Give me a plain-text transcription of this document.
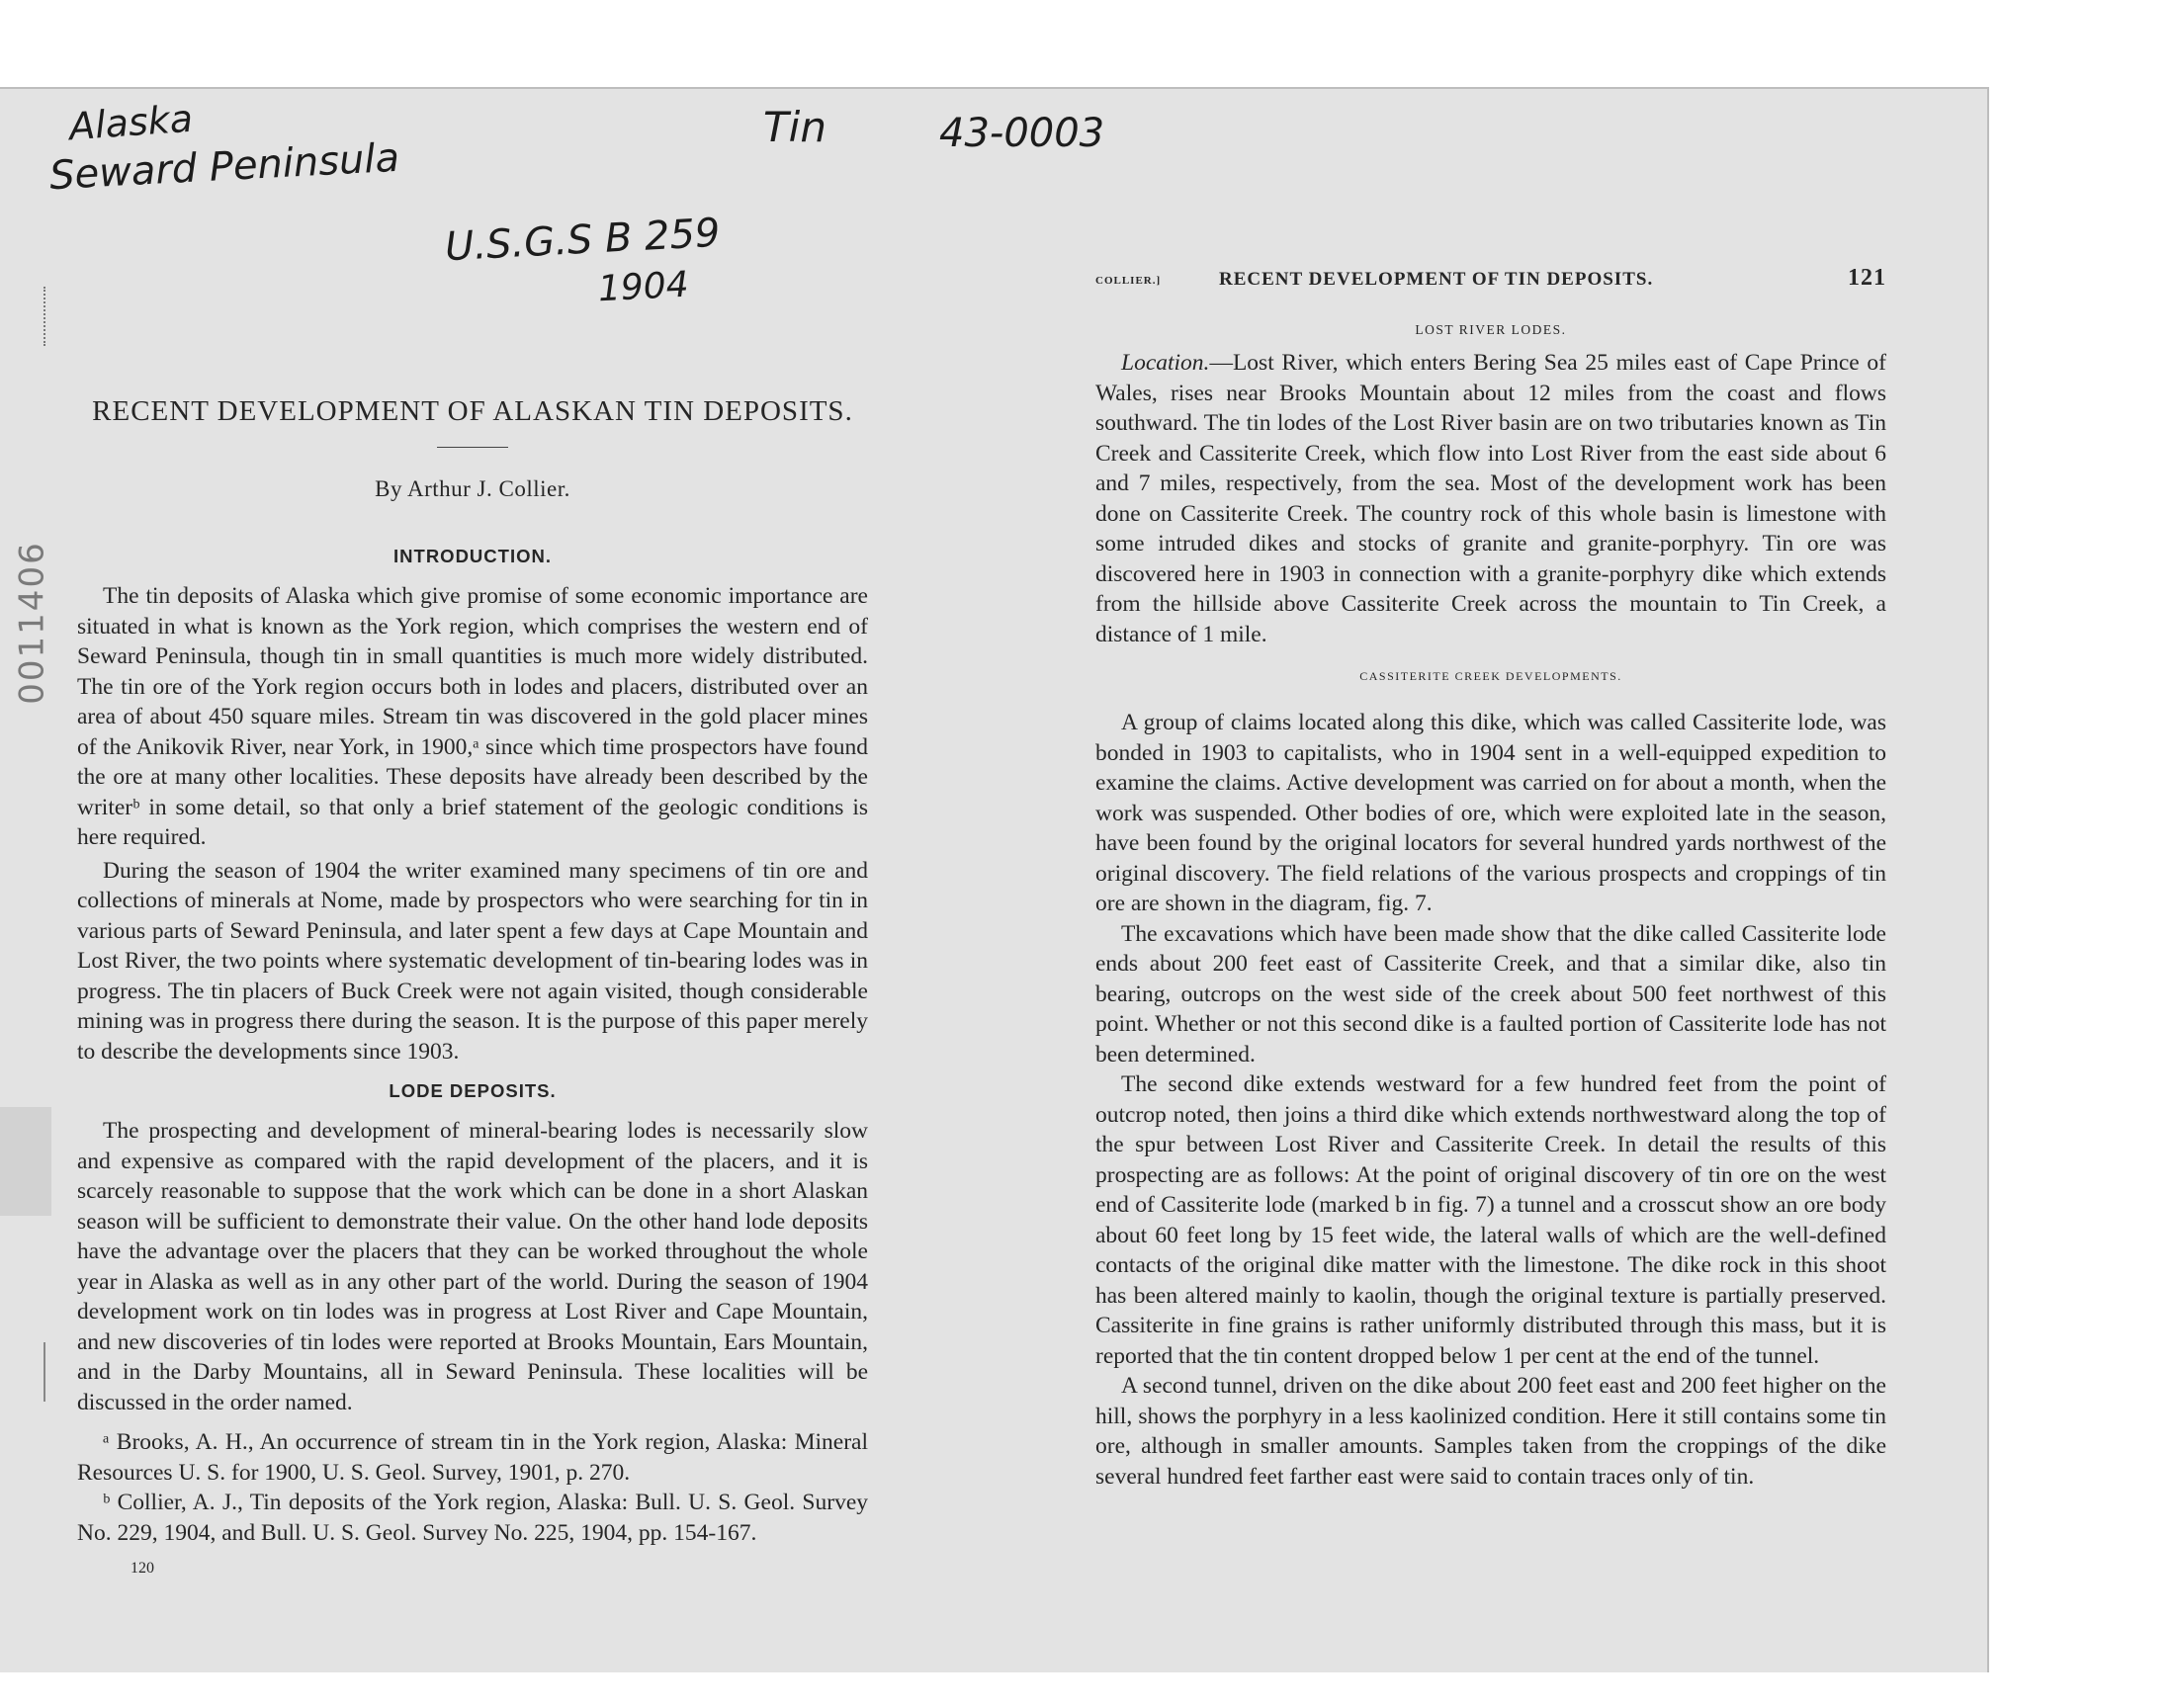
Alaska
Seward Peninsula
Tin	43-0003
U.S.G.S B 259
1904
0011406
RECENT DEVELOPMENT OF ALASKAN TIN DEPOSITS.
By Arthur J. Collier.
INTRODUCTION.

The tin deposits of Alaska which give promise of some economic importance are situated in what is known as the York region, which comprises the western end of Seward Peninsula, though tin in small quantities is much more widely distributed. The tin ore of the York region occurs both in lodes and placers, distributed over an area of about 450 square miles. Stream tin was discovered in the gold placer mines of the Anikovik River, near York, in 1900,ᵃ since which time prospectors have found the ore at many other localities. These deposits have already been described by the writerᵇ in some detail, so that only a brief statement of the geologic conditions is here required.

During the season of 1904 the writer examined many specimens of tin ore and collections of minerals at Nome, made by prospectors who were searching for tin in various parts of Seward Peninsula, and later spent a few days at Cape Mountain and Lost River, the two points where systematic development of tin-bearing lodes was in progress. The tin placers of Buck Creek were not again visited, though considerable mining was in progress there during the season. It is the purpose of this paper merely to describe the developments since 1903.

LODE DEPOSITS.

The prospecting and development of mineral-bearing lodes is necessarily slow and expensive as compared with the rapid development of the placers, and it is scarcely reasonable to suppose that the work which can be done in a short Alaskan season will be sufficient to demonstrate their value. On the other hand lode deposits have the advantage over the placers that they can be worked throughout the whole year in Alaska as well as in any other part of the world. During the season of 1904 development work on tin lodes was in progress at Lost River and Cape Mountain, and new discoveries of tin lodes were reported at Brooks Mountain, Ears Mountain, and in the Darby Mountains, all in Seward Peninsula. These localities will be discussed in the order named.

ᵃ Brooks, A. H., An occurrence of stream tin in the York region, Alaska: Mineral Resources U. S. for 1900, U. S. Geol. Survey, 1901, p. 270.

ᵇ Collier, A. J., Tin deposits of the York region, Alaska: Bull. U. S. Geol. Survey No. 229, 1904, and Bull. U. S. Geol. Survey No. 225, 1904, pp. 154-167.

120
COLLIER.]	RECENT DEVELOPMENT OF TIN DEPOSITS.	121
LOST RIVER LODES.

Location.—Lost River, which enters Bering Sea 25 miles east of Cape Prince of Wales, rises near Brooks Mountain about 12 miles from the coast and flows southward. The tin lodes of the Lost River basin are on two tributaries known as Tin Creek and Cassiterite Creek, which flow into Lost River from the east side about 6 and 7 miles, respectively, from the sea. Most of the development work has been done on Cassiterite Creek. The country rock of this whole basin is limestone with some intruded dikes and stocks of granite and granite-porphyry. Tin ore was discovered here in 1903 in connection with a granite-porphyry dike which extends from the hillside above Cassiterite Creek across the mountain to Tin Creek, a distance of 1 mile.

CASSITERITE CREEK DEVELOPMENTS.

A group of claims located along this dike, which was called Cassiterite lode, was bonded in 1903 to capitalists, who in 1904 sent in a well-equipped expedition to examine the claims. Active development was carried on for about a month, when the work was suspended. Other bodies of ore, which were exploited late in the season, have been found by the original locators for several hundred yards northwest of the original discovery. The field relations of the various prospects and croppings of tin ore are shown in the diagram, fig. 7.

The excavations which have been made show that the dike called Cassiterite lode ends about 200 feet east of Cassiterite Creek, and that a similar dike, also tin bearing, outcrops on the west side of the creek about 500 feet northwest of this point. Whether or not this second dike is a faulted portion of Cassiterite lode has not been determined.

The second dike extends westward for a few hundred feet from the point of outcrop noted, then joins a third dike which extends northwestward along the top of the spur between Lost River and Cassiterite Creek. In detail the results of this prospecting are as follows: At the point of original discovery of tin ore on the west end of Cassiterite lode (marked b in fig. 7) a tunnel and a crosscut show an ore body about 60 feet long by 15 feet wide, the lateral walls of which are the well-defined contacts of the original dike matter with the limestone. The dike rock in this shoot has been altered mainly to kaolin, though the original texture is partially preserved. Cassiterite in fine grains is rather uniformly distributed through this mass, but it is reported that the tin content dropped below 1 per cent at the end of the tunnel.

A second tunnel, driven on the dike about 200 feet east and 200 feet higher on the hill, shows the porphyry in a less kaolinized condition. Here it still contains some tin ore, although in smaller amounts. Samples taken from the croppings of the dike several hundred feet farther east were said to contain traces only of tin.
